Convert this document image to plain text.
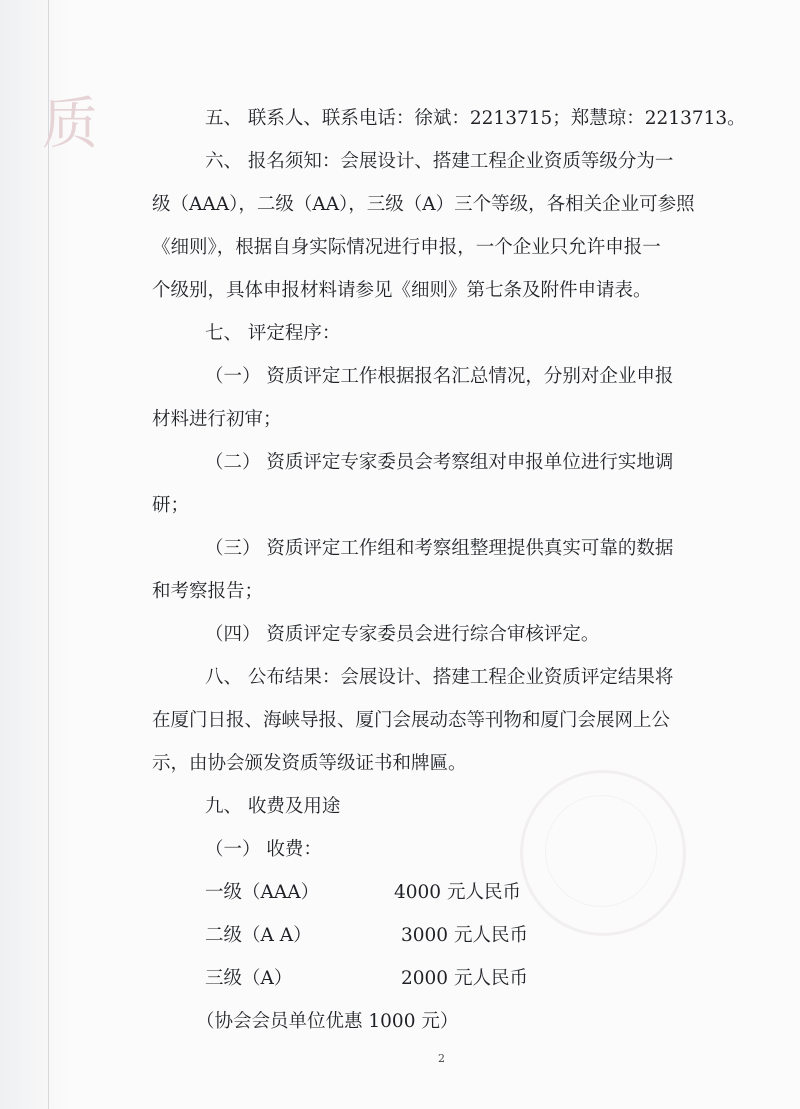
质	五、 联系人、联系电话：徐斌：2213715；郑慧琼：2213713。
六、 报名须知：会展设计、搭建工程企业资质等级分为一
级（AAA），二级（AA），三级（A）三个等级，各相关企业可参照
《细则》，根据自身实际情况进行申报，一个企业只允许申报一
个级别，具体申报材料请参见《细则》第七条及附件申请表。
七、 评定程序：
（一） 资质评定工作根据报名汇总情况，分别对企业申报
材料进行初审；
（二） 资质评定专家委员会考察组对申报单位进行实地调
研；
（三） 资质评定工作组和考察组整理提供真实可靠的数据
和考察报告；
（四） 资质评定专家委员会进行综合审核评定。
八、 公布结果：会展设计、搭建工程企业资质评定结果将
在厦门日报、海峡导报、厦门会展动态等刊物和厦门会展网上公
示，由协会颁发资质等级证书和牌匾。
九、 收费及用途
（一） 收费：
一级（AAA）	4000 元人民币
二级（A A）	3000 元人民币
三级（A）	2000 元人民币
（协会会员单位优惠 1000 元）
2
